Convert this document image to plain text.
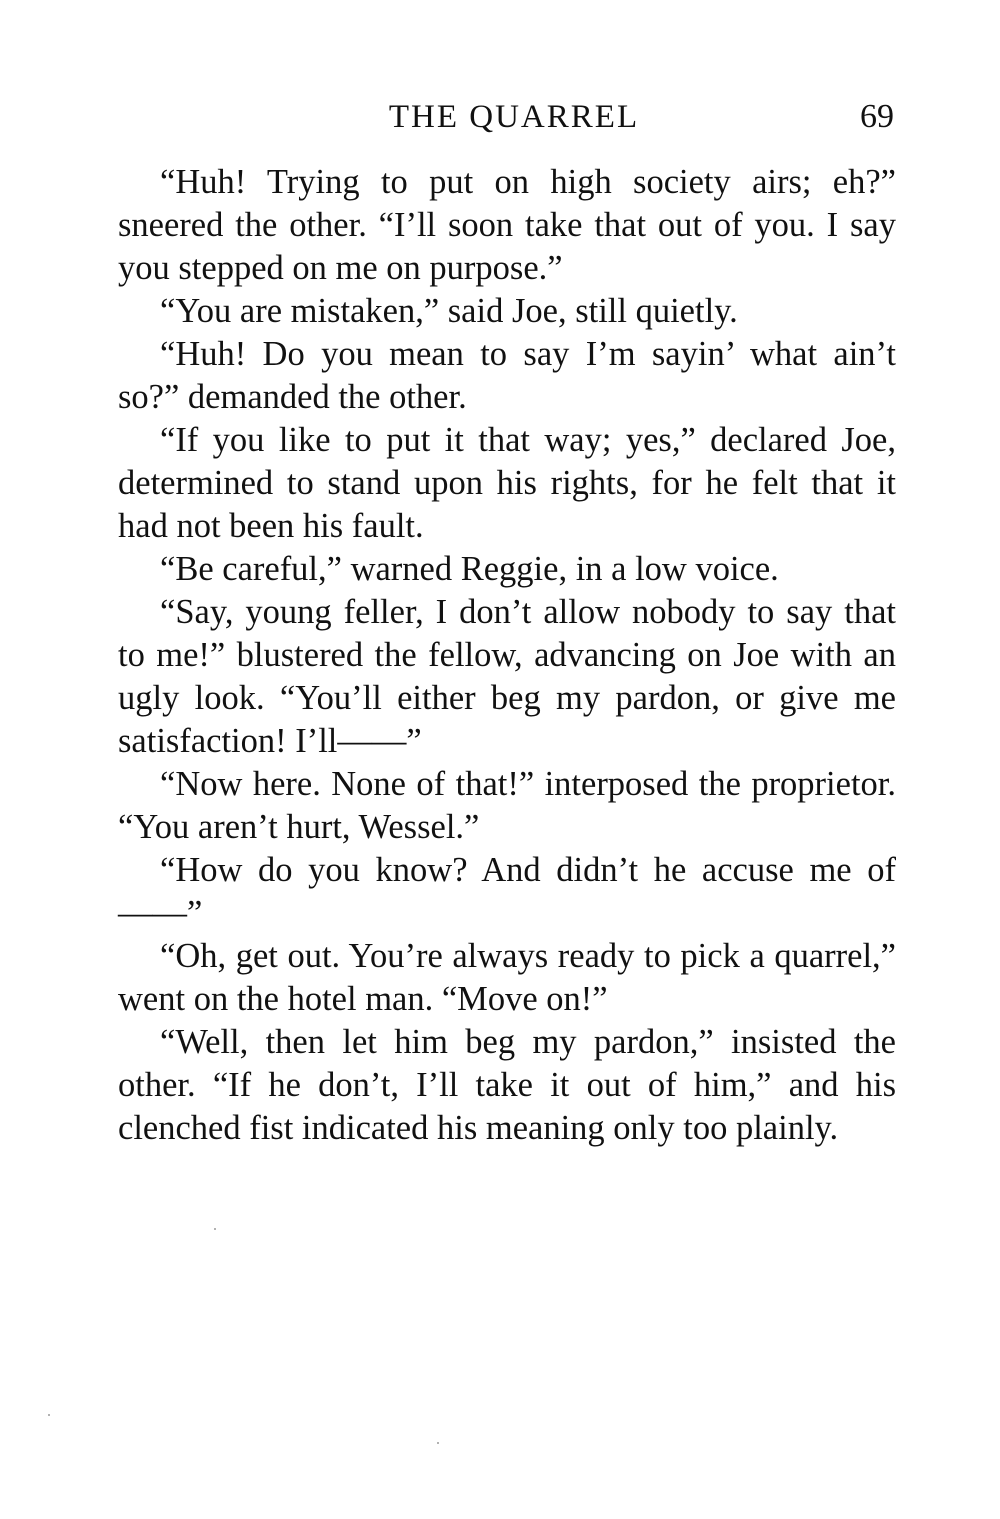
THE QUARREL	69

“Huh! Trying to put on high society airs; eh?” sneered the other. “I’ll soon take that out of you. I say you stepped on me on purpose.”

“You are mistaken,” said Joe, still quietly.

“Huh! Do you mean to say I’m sayin’ what ain’t so?” demanded the other.

“If you like to put it that way; yes,” declared Joe, determined to stand upon his rights, for he felt that it had not been his fault.

“Be careful,” warned Reggie, in a low voice.

“Say, young feller, I don’t allow nobody to say that to me!” blustered the fellow, advancing on Joe with an ugly look. “You’ll either beg my pardon, or give me satisfaction! I’ll——”

“Now here. None of that!” interposed the proprietor. “You aren’t hurt, Wessel.”

“How do you know? And didn’t he accuse me of——”

“Oh, get out. You’re always ready to pick a quarrel,” went on the hotel man. “Move on!”

“Well, then let him beg my pardon,” insisted the other. “If he don’t, I’ll take it out of him,” and his clenched fist indicated his meaning only too plainly.
